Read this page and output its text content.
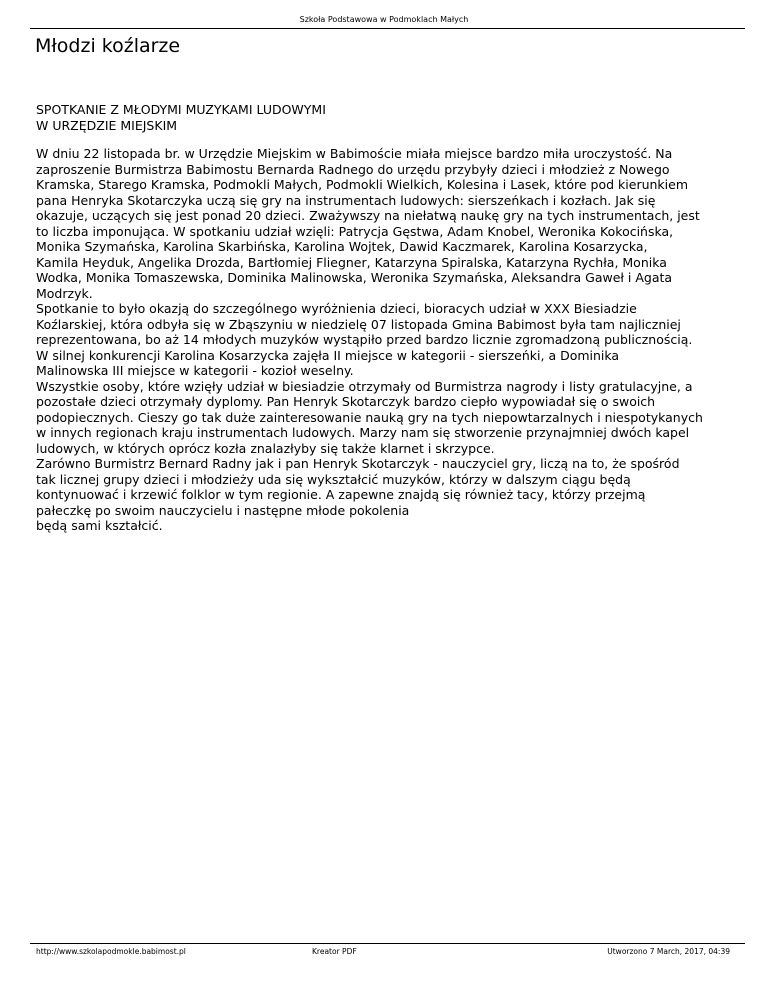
Szkoła Podstawowa w Podmoklach Małych
Młodzi koźlarze
SPOTKANIE Z MŁODYMI MUZYKAMI LUDOWYMI
W URZĘDZIE MIEJSKIM
W dniu 22 listopada br. w Urzędzie Miejskim w Babimoście miała miejsce bardzo miła uroczystość. Na
zaproszenie Burmistrza Babimostu Bernarda Radnego do urzędu przybyły dzieci i młodzież z Nowego
Kramska, Starego Kramska, Podmokli Małych, Podmokli Wielkich, Kolesina i Lasek, które pod kierunkiem
pana Henryka Skotarczyka uczą się gry na instrumentach ludowych: sierszeńkach i kozłach. Jak się
okazuje, uczących się jest ponad 20 dzieci. Zważywszy na niełatwą naukę gry na tych instrumentach, jest
to liczba imponująca. W spotkaniu udział wzięli: Patrycja Gęstwa, Adam Knobel, Weronika Kokocińska,
Monika Szymańska, Karolina Skarbińska, Karolina Wojtek, Dawid Kaczmarek, Karolina Kosarzycka,
Kamila Heyduk, Angelika Drozda, Bartłomiej Fliegner, Katarzyna Spiralska, Katarzyna Rychła, Monika
Wodka, Monika Tomaszewska, Dominika Malinowska, Weronika Szymańska, Aleksandra Gaweł i Agata
Modrzyk.
Spotkanie to było okazją do szczególnego wyróżnienia dzieci, bioracych udział w XXX Biesiadzie
Koźlarskiej, która odbyła się w Zbąszyniu w niedzielę 07 listopada Gmina Babimost była tam najliczniej
reprezentowana, bo aż 14 młodych muzyków wystąpiło przed bardzo licznie zgromadzoną publicznością.
W silnej konkurencji Karolina Kosarzycka zajęła II miejsce w kategorii - sierszeńki, a Dominika
Malinowska III miejsce w kategorii - kozioł weselny.
Wszystkie osoby, które wzięły udział w biesiadzie otrzymały od Burmistrza nagrody i listy gratulacyjne, a
pozostałe dzieci otrzymały dyplomy. Pan Henryk Skotarczyk bardzo ciepło wypowiadał się o swoich
podopiecznych. Cieszy go tak duże zainteresowanie nauką gry na tych niepowtarzalnych i niespotykanych
w innych regionach kraju instrumentach ludowych. Marzy nam się stworzenie przynajmniej dwóch kapel
ludowych, w których oprócz kozła znalazłyby się także klarnet i skrzypce.
Zarówno Burmistrz Bernard Radny jak i pan Henryk Skotarczyk - nauczyciel gry, liczą na to, że spośród
tak licznej grupy dzieci i młodzieży uda się wykształcić muzyków, którzy w dalszym ciągu będą
kontynuować i krzewić folklor w tym regionie. A zapewne znajdą się również tacy, którzy przejmą
pałeczkę po swoim nauczycielu i następne młode pokolenia
będą sami kształcić.
http://www.szkolapodmokle.babimost.pl	Kreator PDF	Utworzono 7 March, 2017, 04:39
